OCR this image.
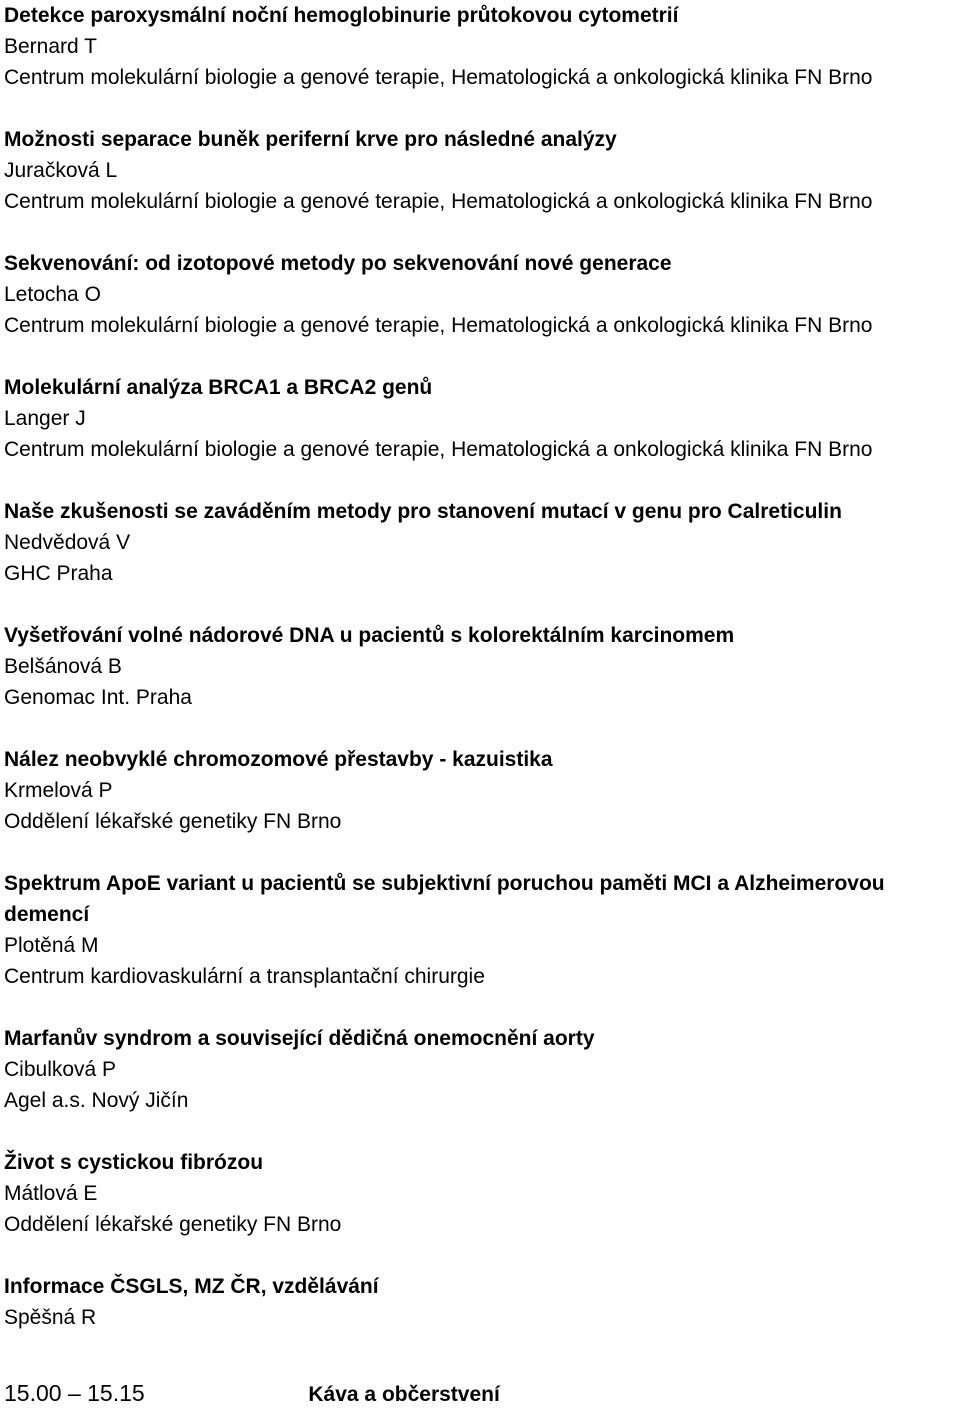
Detekce paroxysmální noční hemoglobinurie průtokovou cytometrií
Bernard T
Centrum molekulární biologie a genové terapie, Hematologická a onkologická klinika FN Brno
Možnosti separace buněk periferní krve pro následné analýzy
Juračková L
Centrum molekulární biologie a genové terapie, Hematologická a onkologická klinika FN Brno
Sekvenování: od izotopové metody po sekvenování nové generace
Letocha O
Centrum molekulární biologie a genové terapie, Hematologická a onkologická klinika FN Brno
Molekulární analýza BRCA1 a BRCA2 genů
Langer J
Centrum molekulární biologie a genové terapie, Hematologická a onkologická klinika FN Brno
Naše zkušenosti se zaváděním metody pro stanovení mutací v genu pro Calreticulin
Nedvědová V
GHC Praha
Vyšetřování volné nádorové DNA u pacientů s kolorektálním karcinomem
Belšánová B
Genomac Int. Praha
Nález neobvyklé chromozomové přestavby - kazuistika
Krmelová P
Oddělení lékařské genetiky FN Brno
Spektrum ApoE variant u pacientů se subjektivní poruchou paměti MCI a Alzheimerovou demencí
Plotěná M
Centrum kardiovaskulární a transplantační chirurgie
Marfanův syndrom a související dědičná onemocnění aorty
Cibulková P
Agel a.s. Nový Jičín
Život s cystickou fibrózou
Mátlová E
Oddělení lékařské genetiky FN Brno
Informace ČSGLS, MZ ČR, vzdělávání
Spěšná R
15.00 – 15.15	Káva a občerstvení
